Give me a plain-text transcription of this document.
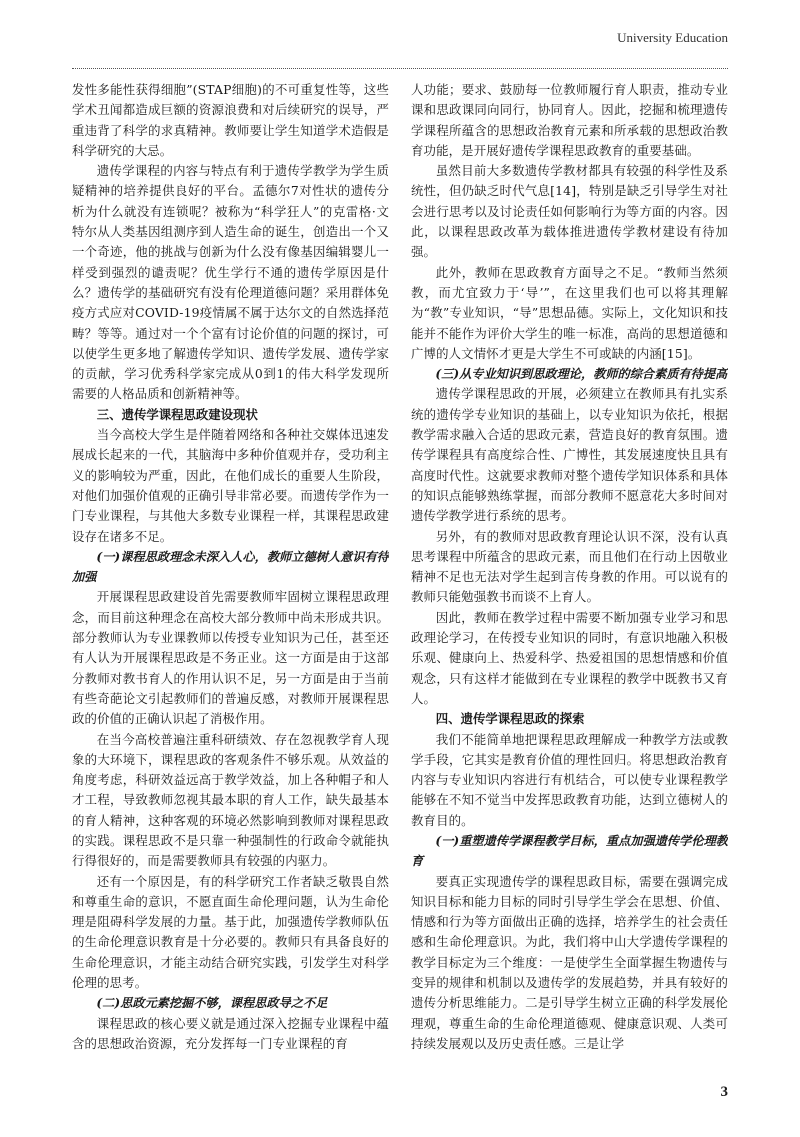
University Education

发性多能性获得细胞”(STAP细胞)的不可重复性等，这些学术丑闻都造成巨额的资源浪费和对后续研究的误导，严重违背了科学的求真精神。教师要让学生知道学术造假是科学研究的大忌。

遗传学课程的内容与特点有利于遗传学教学为学生质疑精神的培养提供良好的平台。孟德尔7对性状的遗传分析为什么就没有连锁呢？被称为“科学狂人”的克雷格·文特尔从人类基因组测序到人造生命的诞生，创造出一个又一个奇迹，他的挑战与创新为什么没有像基因编辑婴儿一样受到强烈的谴责呢？优生学行不通的遗传学原因是什么？遗传学的基础研究有没有伦理道德问题？采用群体免疫方式应对COVID-19疫情属不属于达尔文的自然选择范畴？等等。通过对一个个富有讨论价值的问题的探讨，可以使学生更多地了解遗传学知识、遗传学发展、遗传学家的贡献，学习优秀科学家完成从0到1的伟大科学发现所需要的人格品质和创新精神等。

三、遗传学课程思政建设现状

当今高校大学生是伴随着网络和各种社交媒体迅速发展成长起来的一代，其脑海中多种价值观并存，受功利主义的影响较为严重，因此，在他们成长的重要人生阶段，对他们加强价值观的正确引导非常必要。而遗传学作为一门专业课程，与其他大多数专业课程一样，其课程思政建设存在诸多不足。

(一)课程思政理念未深入人心，教师立德树人意识有待加强

开展课程思政建设首先需要教师牢固树立课程思政理念，而目前这种理念在高校大部分教师中尚未形成共识。部分教师认为专业课教师以传授专业知识为己任，甚至还有人认为开展课程思政是不务正业。这一方面是由于这部分教师对教书育人的作用认识不足，另一方面是由于当前有些奇葩论文引起教师们的普遍反感，对教师开展课程思政的价值的正确认识起了消极作用。

在当今高校普遍注重科研绩效、存在忽视教学育人现象的大环境下，课程思政的客观条件不够乐观。从效益的角度考虑，科研效益远高于教学效益，加上各种帽子和人才工程，导致教师忽视其最本职的育人工作，缺失最基本的育人精神，这种客观的环境必然影响到教师对课程思政的实践。课程思政不是只靠一种强制性的行政命令就能执行得很好的，而是需要教师具有较强的内驱力。

还有一个原因是，有的科学研究工作者缺乏敬畏自然和尊重生命的意识，不愿直面生命伦理问题，认为生命伦理是阻碍科学发展的力量。基于此，加强遗传学教师队伍的生命伦理意识教育是十分必要的。教师只有具备良好的生命伦理意识，才能主动结合研究实践，引发学生对科学伦理的思考。

(二)思政元素挖掘不够，课程思政导之不足

课程思政的核心要义就是通过深入挖掘专业课程中蕴含的思想政治资源，充分发挥每一门专业课程的育

人功能；要求、鼓励每一位教师履行育人职责，推动专业课和思政课同向同行，协同育人。因此，挖掘和梳理遗传学课程所蕴含的思想政治教育元素和所承载的思想政治教育功能，是开展好遗传学课程思政教育的重要基础。

虽然目前大多数遗传学教材都具有较强的科学性及系统性，但仍缺乏时代气息[14]，特别是缺乏引导学生对社会进行思考以及讨论责任如何影响行为等方面的内容。因此，以课程思政改革为载体推进遗传学教材建设有待加强。

此外，教师在思政教育方面导之不足。“教师当然须教，而尤宜致力于‘导’”，在这里我们也可以将其理解为“教”专业知识，“导”思想品德。实际上，文化知识和技能并不能作为评价大学生的唯一标准，高尚的思想道德和广博的人文情怀才更是大学生不可或缺的内涵[15]。

(三)从专业知识到思政理论，教师的综合素质有待提高

遗传学课程思政的开展，必须建立在教师具有扎实系统的遗传学专业知识的基础上，以专业知识为依托，根据教学需求融入合适的思政元素，营造良好的教育氛围。遗传学课程具有高度综合性、广博性，其发展速度快且具有高度时代性。这就要求教师对整个遗传学知识体系和具体的知识点能够熟练掌握，而部分教师不愿意花大多时间对遗传学教学进行系统的思考。

另外，有的教师对思政教育理论认识不深，没有认真思考课程中所蕴含的思政元素，而且他们在行动上因敬业精神不足也无法对学生起到言传身教的作用。可以说有的教师只能勉强教书而谈不上育人。

因此，教师在教学过程中需要不断加强专业学习和思政理论学习，在传授专业知识的同时，有意识地融入积极乐观、健康向上、热爱科学、热爱祖国的思想情感和价值观念，只有这样才能做到在专业课程的教学中既教书又育人。

四、遗传学课程思政的探索

我们不能简单地把课程思政理解成一种教学方法或教学手段，它其实是教育价值的理性回归。将思想政治教育内容与专业知识内容进行有机结合，可以使专业课程教学能够在不知不觉当中发挥思政教育功能，达到立德树人的教育目的。

(一)重塑遗传学课程教学目标，重点加强遗传学伦理教育

要真正实现遗传学的课程思政目标，需要在强调完成知识目标和能力目标的同时引导学生学会在思想、价值、情感和行为等方面做出正确的选择，培养学生的社会责任感和生命伦理意识。为此，我们将中山大学遗传学课程的教学目标定为三个维度：一是使学生全面掌握生物遗传与变异的规律和机制以及遗传学的发展趋势，并具有较好的遗传分析思维能力。二是引导学生树立正确的科学发展伦理观，尊重生命的生命伦理道德观、健康意识观、人类可持续发展观以及历史责任感。三是让学

3
